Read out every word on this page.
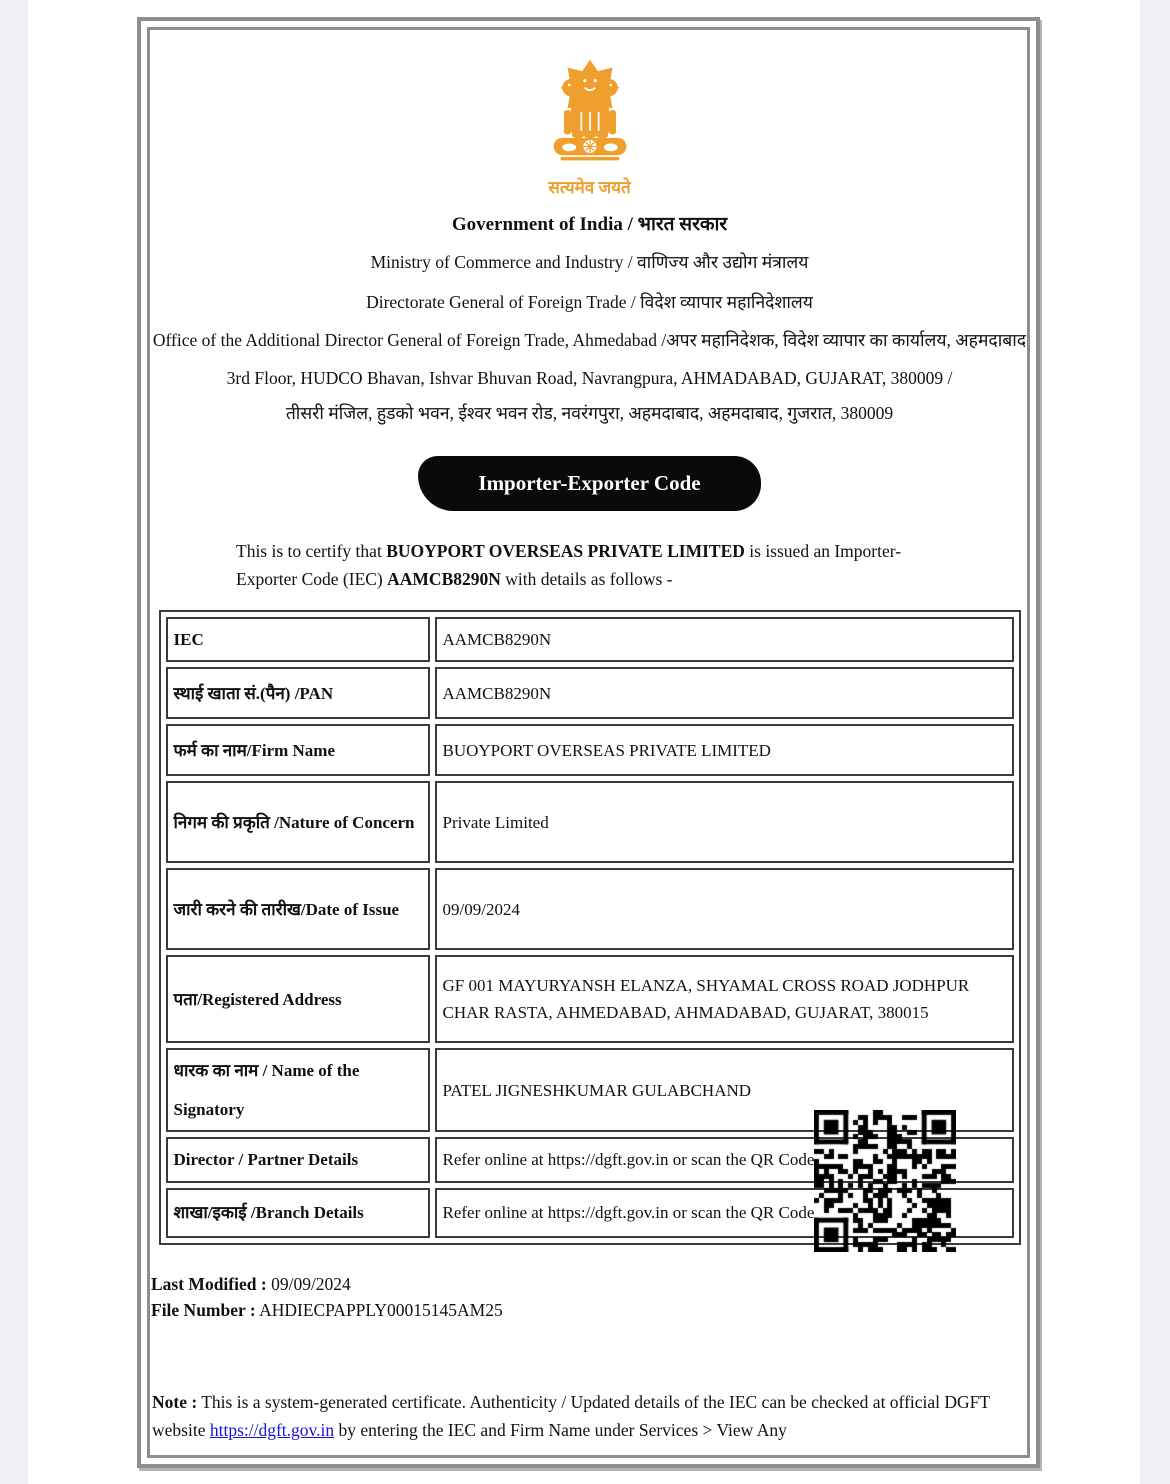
सत्यमेव जयते
Government of India / भारत सरकार
Ministry of Commerce and Industry / वाणिज्य और उद्योग मंत्रालय
Directorate General of Foreign Trade / विदेश व्यापार महानिदेशालय
Office of the Additional Director General of Foreign Trade, Ahmedabad /अपर महानिदेशक, विदेश व्यापार का कार्यालय, अहमदाबाद
3rd Floor, HUDCO Bhavan, Ishvar Bhuvan Road, Navrangpura, AHMADABAD, GUJARAT, 380009 /
तीसरी मंजिल, हुडको भवन, ईश्वर भवन रोड, नवरंगपुरा, अहमदाबाद, अहमदाबाद, गुजरात, 380009
Importer-Exporter Code

This is to certify that BUOYPORT OVERSEAS PRIVATE LIMITED is issued an Importer-Exporter Code (IEC) AAMCB8290N with details as follows -

IEC	AAMCB8290N
स्थाई खाता सं.(पैन) /PAN	AAMCB8290N
फर्म का नाम/Firm Name	BUOYPORT OVERSEAS PRIVATE LIMITED
निगम की प्रकृति /Nature of Concern	Private Limited
जारी करने की तारीख/Date of Issue	09/09/2024
पता/Registered Address	GF 001 MAYURYANSH ELANZA, SHYAMAL CROSS ROAD JODHPUR CHAR RASTA, AHMEDABAD, AHMADABAD, GUJARAT, 380015
धारक का नाम / Name of the Signatory	PATEL JIGNESHKUMAR GULABCHAND
Director / Partner Details	Refer online at https://dgft.gov.in or scan the QR Code
शाखा/इकाई /Branch Details	Refer online at https://dgft.gov.in or scan the QR Code
Last Modified : 09/09/2024
File Number : AHDIECPAPPLY00015145AM25
Note : This is a system-generated certificate. Authenticity / Updated details of the IEC can be checked at official DGFT website https://dgft.gov.in by entering the IEC and Firm Name under Services > View Any
